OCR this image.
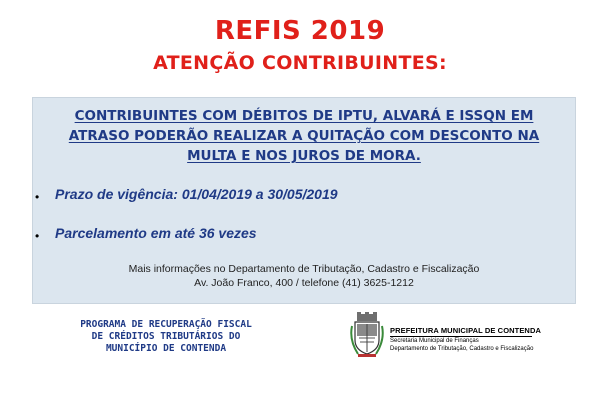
REFIS 2019
ATENÇÃO CONTRIBUINTES:
CONTRIBUINTES COM DÉBITOS DE IPTU, ALVARÁ E ISSQN EM
ATRASO PODERÃO REALIZAR A QUITAÇÃO COM DESCONTO NA
MULTA E NOS JUROS DE MORA.
• Prazo de vigência: 01/04/2019 a 30/05/2019
• Parcelamento em até 36 vezes
Mais informações no Departamento de Tributação, Cadastro e Fiscalização
Av. João Franco, 400 / telefone (41) 3625-1212
PROGRAMA DE RECUPERAÇÃO FISCAL
DE CRÉDITOS TRIBUTÁRIOS DO
MUNICÍPIO DE CONTENDA
PREFEITURA MUNICIPAL DE CONTENDA
Secretaria Municipal de Finanças
Departamento de Tributação, Cadastro e Fiscalização
